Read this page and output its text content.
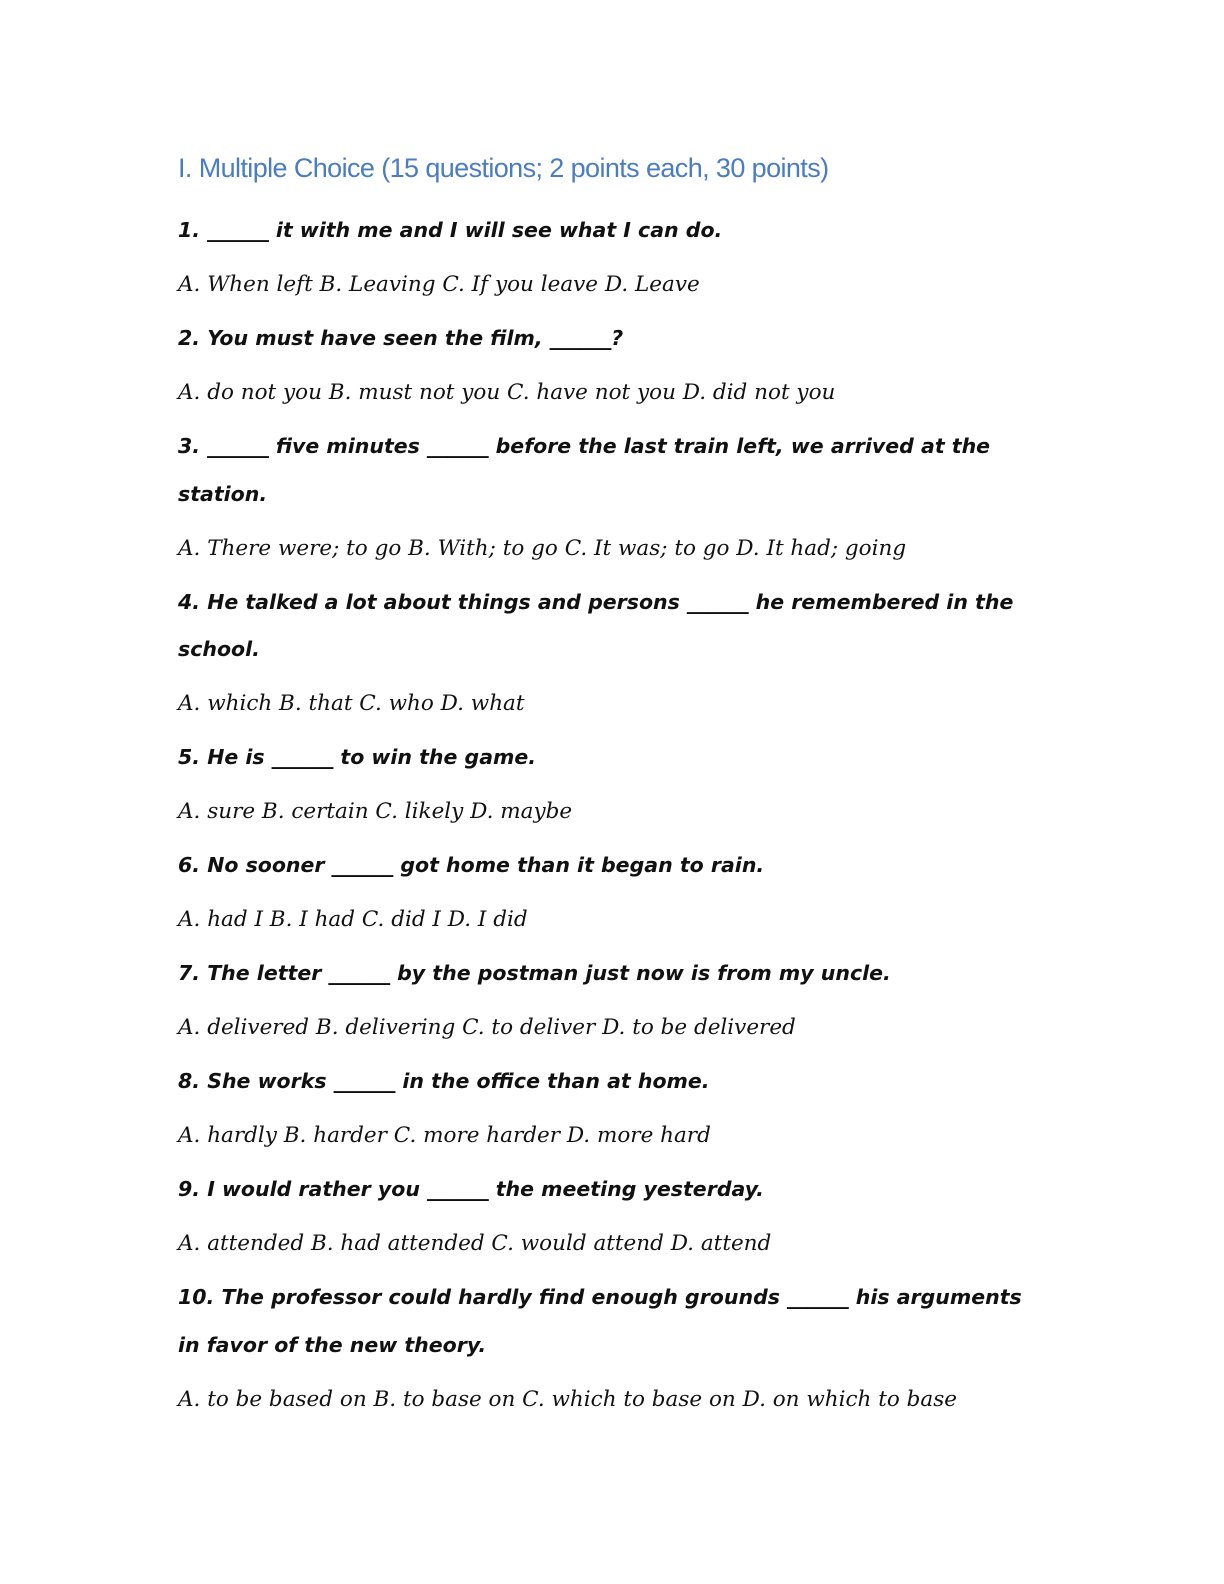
I. Multiple Choice (15 questions; 2 points each, 30 points)

1. ______ it with me and I will see what I can do.

A. When left B. Leaving C. If you leave D. Leave

2. You must have seen the film, ______?

A. do not you B. must not you C. have not you D. did not you

3. ______ five minutes ______ before the last train left, we arrived at the station.

A. There were; to go B. With; to go C. It was; to go D. It had; going

4. He talked a lot about things and persons ______ he remembered in the school.

A. which B. that C. who D. what

5. He is ______ to win the game.

A. sure B. certain C. likely D. maybe

6. No sooner ______ got home than it began to rain.

A. had I B. I had C. did I D. I did

7. The letter ______ by the postman just now is from my uncle.

A. delivered B. delivering C. to deliver D. to be delivered

8. She works ______ in the office than at home.

A. hardly B. harder C. more harder D. more hard

9. I would rather you ______ the meeting yesterday.

A. attended B. had attended C. would attend D. attend

10. The professor could hardly find enough grounds ______ his arguments in favor of the new theory.

A. to be based on B. to base on C. which to base on D. on which to base
